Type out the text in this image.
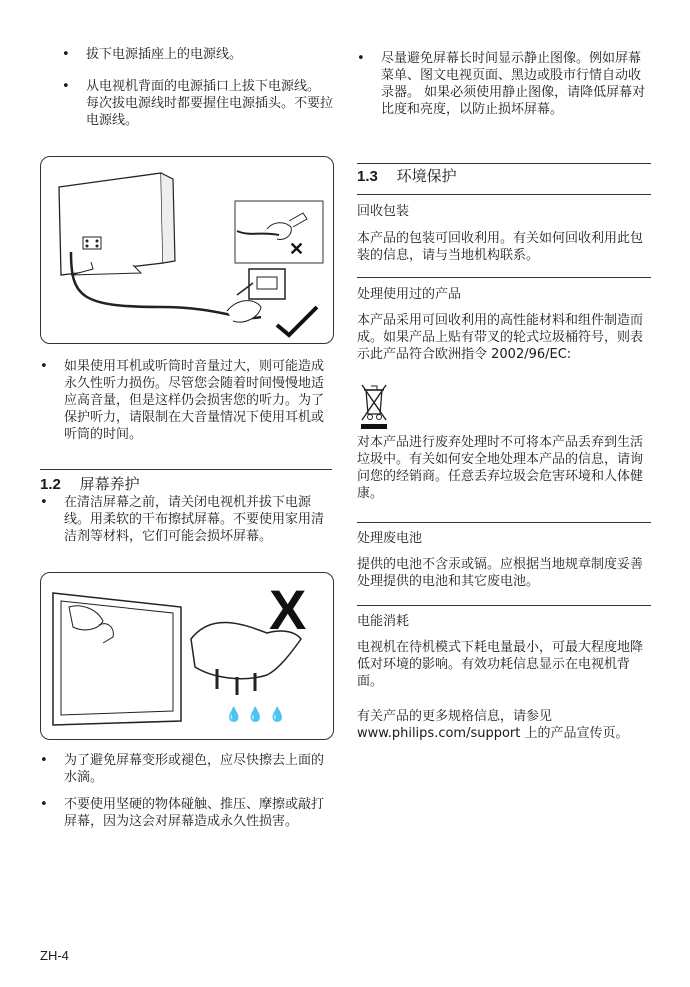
• 拔下电源插座上的电源线。
• 从电视机背面的电源插口上拔下电源线。
每次拔电源线时都要握住电源插头。不要拉电源线。
✕
• 如果使用耳机或听筒时音量过大，则可能造成永久性听力损伤。尽管您会随着时间慢慢地适应高音量，但是这样仍会损害您的听力。为了保护听力，请限制在大音量情况下使用耳机或听筒的时间。
1.2 屏幕养护
• 在清洁屏幕之前，请关闭电视机并拔下电源线。用柔软的干布擦拭屏幕。不要使用家用清洁剂等材料，它们可能会损坏屏幕。
💧 💧 💧
X
• 为了避免屏幕变形或褪色，应尽快擦去上面的水滴。
• 不要使用坚硬的物体碰触、推压、摩擦或敲打屏幕，因为这会对屏幕造成永久性损害。
• 尽量避免屏幕长时间显示静止图像。例如屏幕菜单、图文电视页面、黑边或股市行情自动收录器。 如果必须使用静止图像，请降低屏幕对比度和亮度，以防止损坏屏幕。
1.3 环境保护
回收包装
本产品的包装可回收利用。有关如何回收利用此包装的信息，请与当地机构联系。
处理使用过的产品
本产品采用可回收利用的高性能材料和组件制造而成。如果产品上贴有带叉的轮式垃圾桶符号，则表示此产品符合欧洲指令 2002/96/EC:
对本产品进行废弃处理时不可将本产品丢弃到生活垃圾中。有关如何安全地处理本产品的信息，请询问您的经销商。任意丢弃垃圾会危害环境和人体健康。
处理废电池
提供的电池不含汞或镉。应根据当地规章制度妥善处理提供的电池和其它废电池。
电能消耗
电视机在待机模式下耗电量最小，可最大程度地降低对环境的影响。有效功耗信息显示在电视机背面。
有关产品的更多规格信息，请参见 www.philips.com/support 上的产品宣传页。
ZH-4
